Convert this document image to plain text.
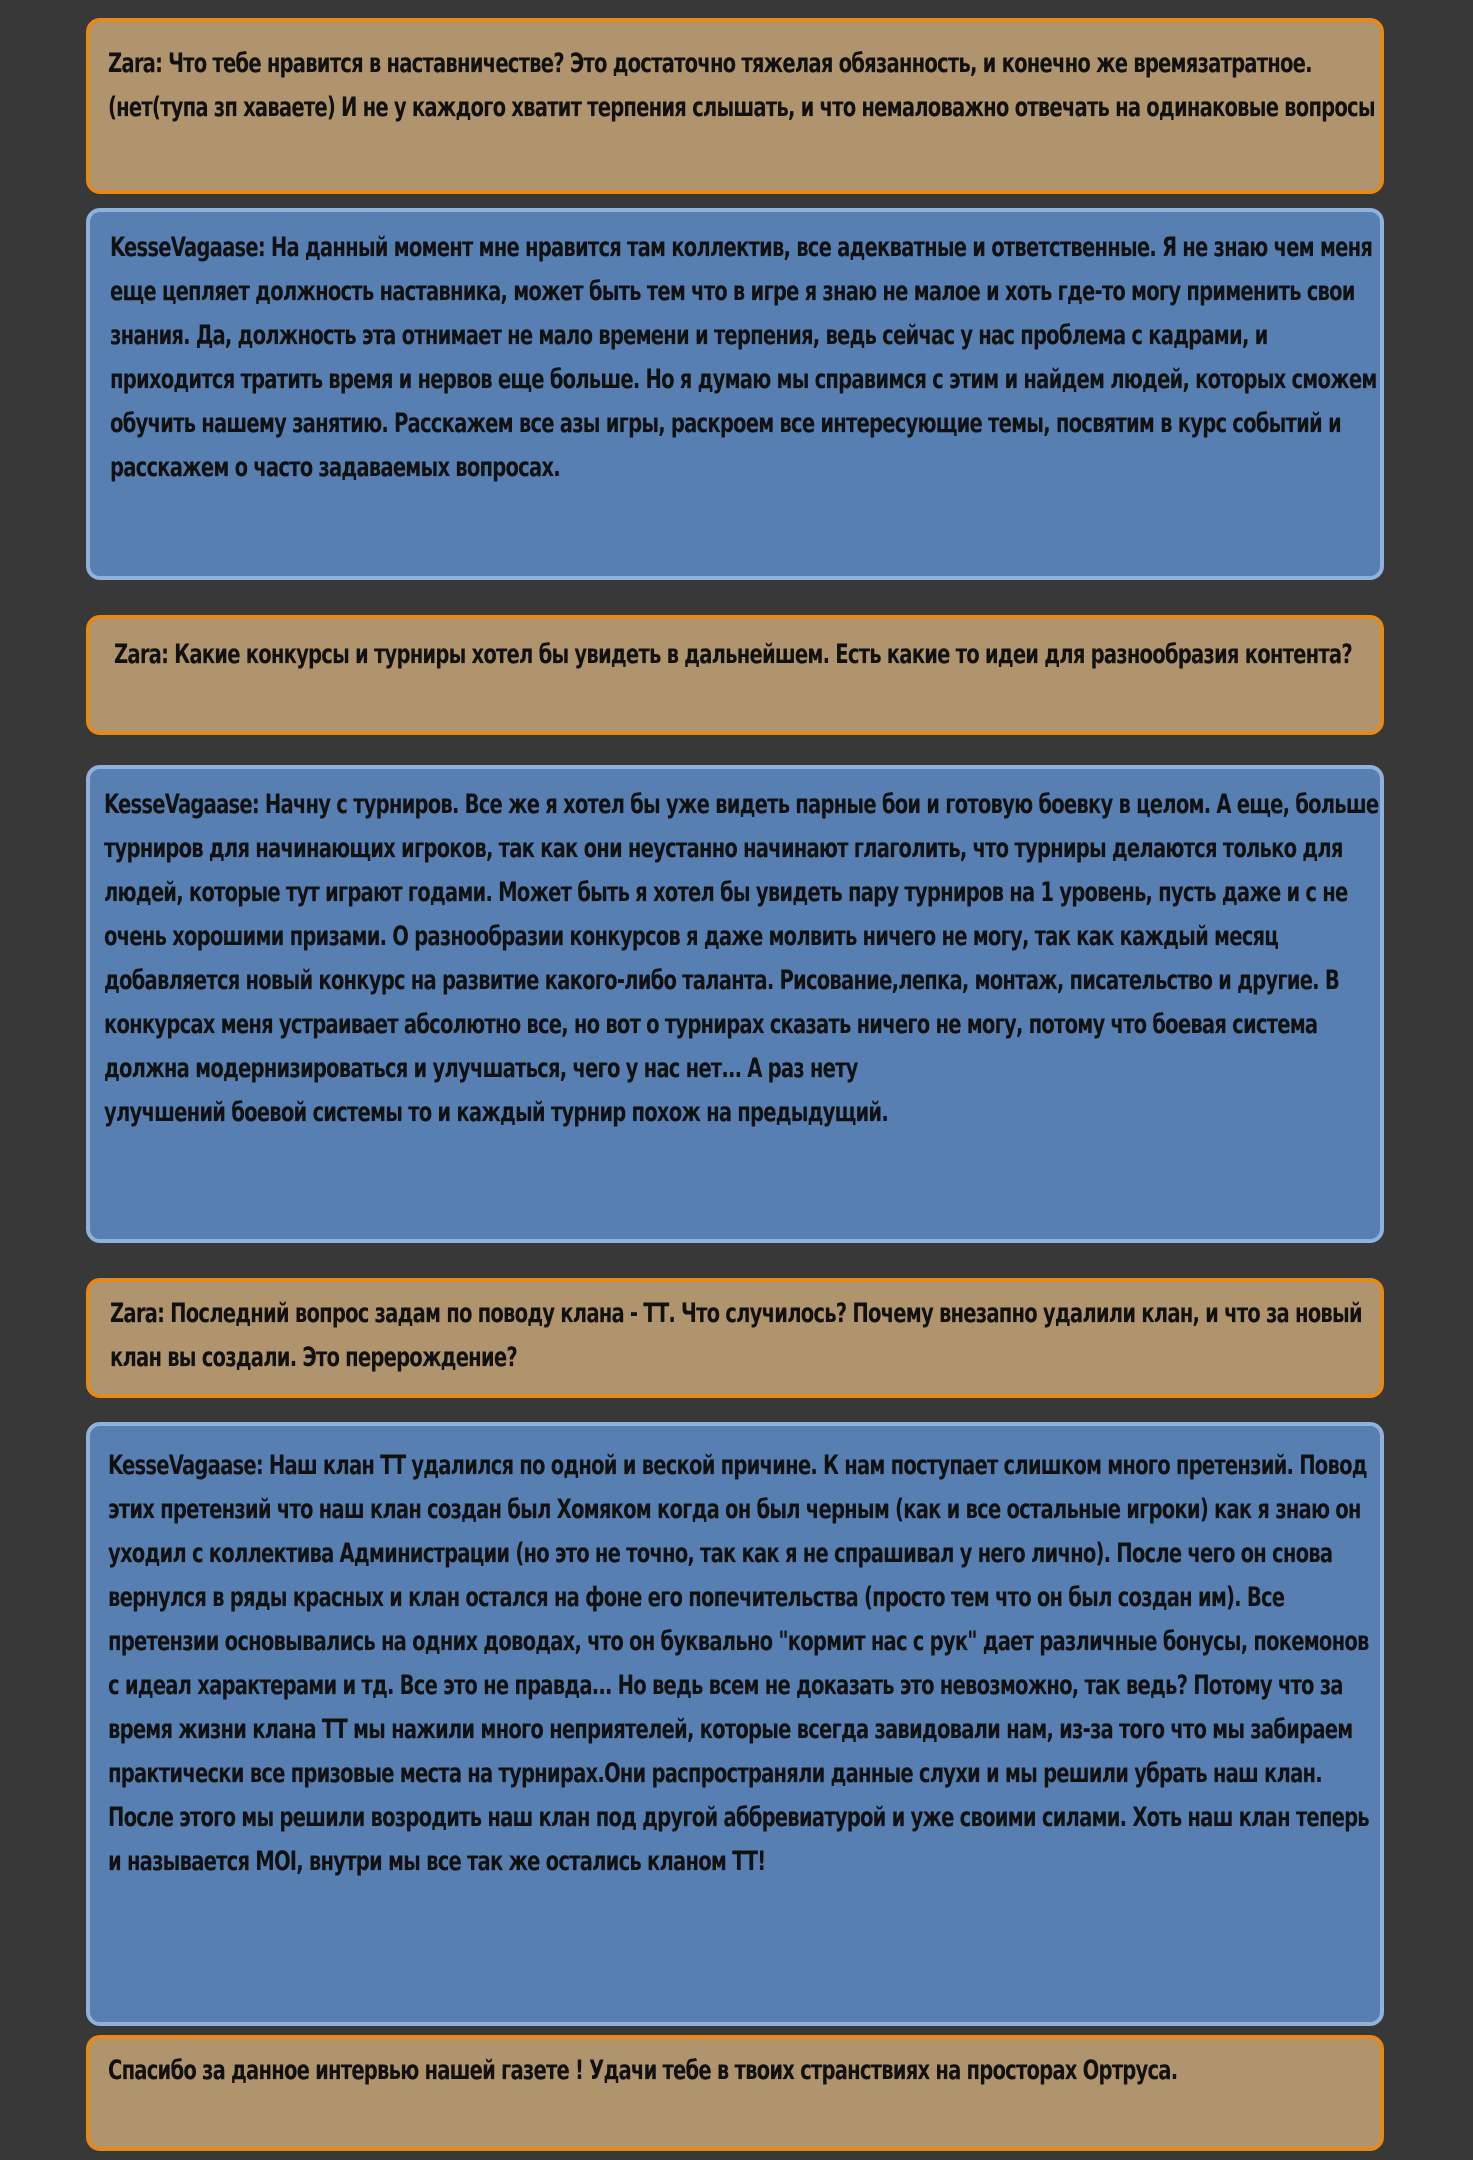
Zara: Что тебе нравится в наставничестве? Это достаточно тяжелая обязанность, и конечно же времязатратное.(нет(тупа зп хаваете) И не у каждого хватит терпения слышать, и что немаловажно отвечать на одинаковые вопросы
KesseVagaase: На данный момент мне нравится там коллектив, все адекватные и ответственные. Я не знаю чем меня еще цепляет должность наставника, может быть тем что в игре я знаю не малое и хоть где-то могу применить свои знания. Да, должность эта отнимает не мало времени и терпения, ведь сейчас у нас проблема с кадрами, и приходится тратить время и нервов еще больше. Но я думаю мы справимся с этим и найдем людей, которых сможем обучить нашему занятию. Расскажем все азы игры, раскроем все интересующие темы, посвятим в курс событий и расскажем о часто задаваемых вопросах.
Zara: Какие конкурсы и турниры хотел бы увидеть в дальнейшем. Есть какие то идеи для разнообразия контента?
KesseVagaase: Начну с турниров. Все же я хотел бы уже видеть парные бои и готовую боевку в целом. А еще, больше турниров для начинающих игроков, так как они неустанно начинают глаголить, что турниры делаются только для людей, которые тут играют годами. Может быть я хотел бы увидеть пару турниров на 1 уровень, пусть даже и с не очень хорошими призами. О разнообразии конкурсов я даже молвить ничего не могу, так как каждый месяц добавляется новый конкурс на развитие какого-либо таланта. Рисование,лепка, монтаж, писательство и другие. В конкурсах меня устраивает абсолютно все, но вот о турнирах сказать ничего не могу, потому что боевая система должна модернизироваться и улучшаться, чего у нас нет... А раз нету
улучшений боевой системы то и каждый турнир похож на предыдущий.
Zara: Последний вопрос задам по поводу клана - ТТ. Что случилось? Почему внезапно удалили клан, и что за новый клан вы создали. Это перерождение?
KesseVagaase: Наш клан ТТ удалился по одной и веской причине. К нам поступает слишком много претензий. Повод этих претензий что наш клан создан был Хомяком когда он был черным (как и все остальные игроки) как я знаю он уходил с коллектива Администрации (но это не точно, так как я не спрашивал у него лично). После чего он снова вернулся в ряды красных и клан остался на фоне его попечительства (просто тем что он был создан им). Все претензии основывались на одних доводах, что он буквально "кормит нас с рук" дает различные бонусы, покемонов с идеал характерами и тд. Все это не правда... Но ведь всем не доказать это невозможно, так ведь? Потому что за время жизни клана ТТ мы нажили много неприятелей, которые всегда завидовали нам, из-за того что мы забираем практически все призовые места на турнирах.Они распространяли данные слухи и мы решили убрать наш клан. После этого мы решили возродить наш клан под другой аббревиатурой и уже своими силами. Хоть наш клан теперь и называется MOI, внутри мы все так же остались кланом ТТ!
Спасибо за данное интервью нашей газете ! Удачи тебе в твоих странствиях на просторах Ортруса.
